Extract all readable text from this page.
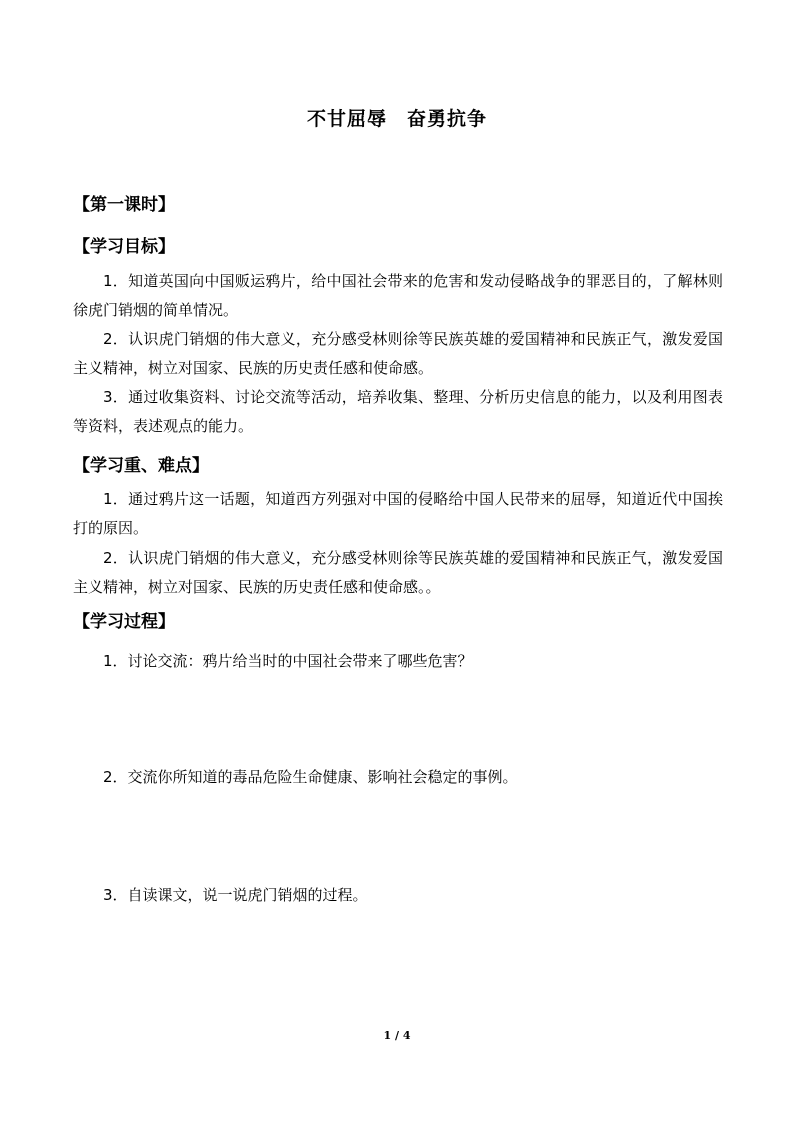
不甘屈辱　奋勇抗争
【第一课时】
【学习目标】
1．知道英国向中国贩运鸦片，给中国社会带来的危害和发动侵略战争的罪恶目的，了解林则徐虎门销烟的简单情况。
2．认识虎门销烟的伟大意义，充分感受林则徐等民族英雄的爱国精神和民族正气，激发爱国主义精神，树立对国家、民族的历史责任感和使命感。
3．通过收集资料、讨论交流等活动，培养收集、整理、分析历史信息的能力，以及利用图表等资料，表述观点的能力。
【学习重、难点】
1．通过鸦片这一话题，知道西方列强对中国的侵略给中国人民带来的屈辱，知道近代中国挨打的原因。
2．认识虎门销烟的伟大意义，充分感受林则徐等民族英雄的爱国精神和民族正气，激发爱国主义精神，树立对国家、民族的历史责任感和使命感。。
【学习过程】
1．讨论交流：鸦片给当时的中国社会带来了哪些危害？
2．交流你所知道的毒品危险生命健康、影响社会稳定的事例。
3．自读课文，说一说虎门销烟的过程。
1 / 4
